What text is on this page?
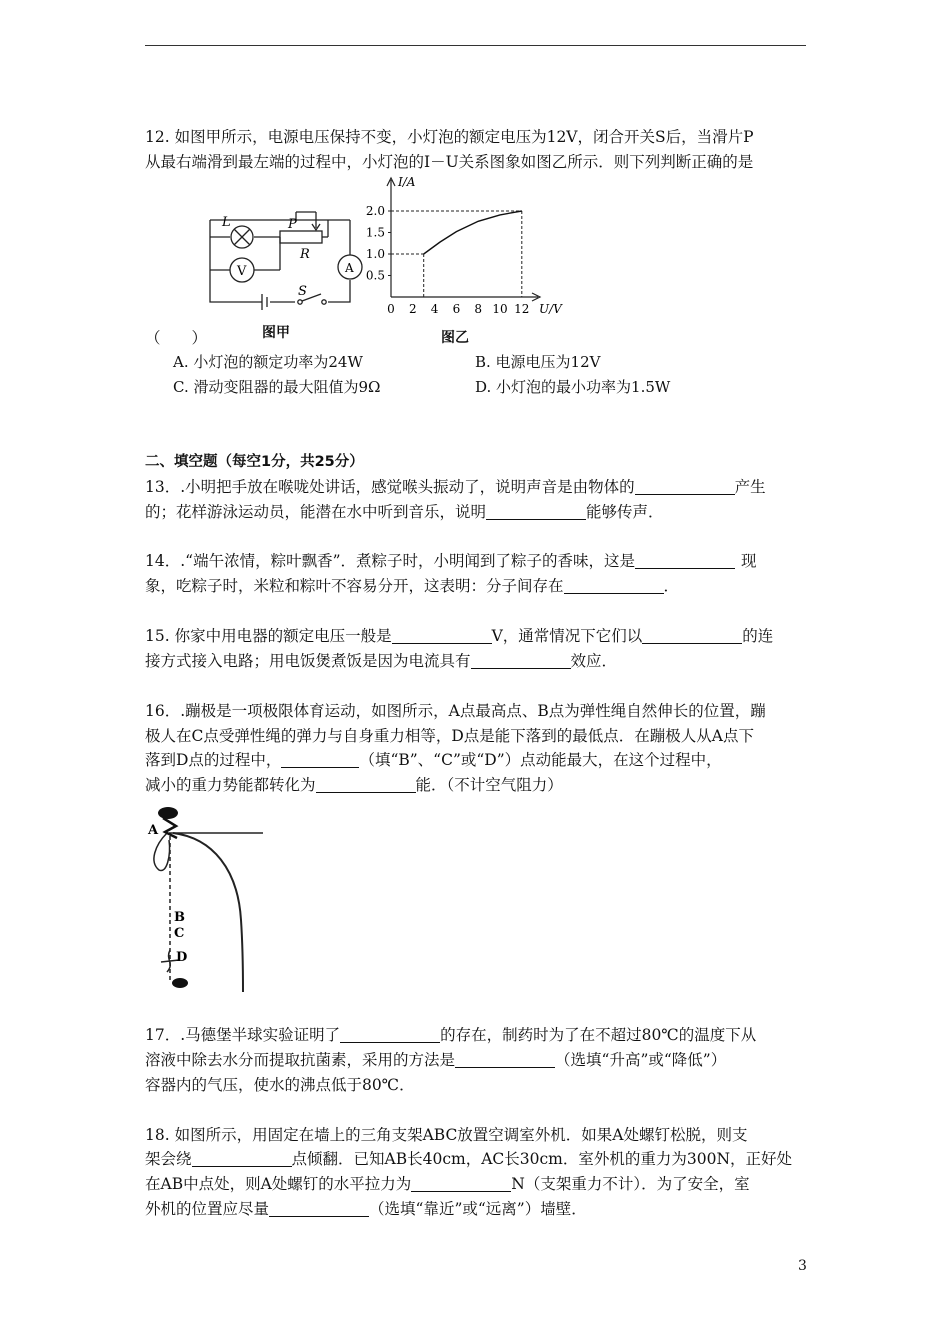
12. 如图甲所示，电源电压保持不变，小灯泡的额定电压为12V，闭合开关S后，当滑片P
从最右端滑到最左端的过程中，小灯泡的I－U关系图象如图乙所示．则下列判断正确的是
L	P
R
S
V	A
图甲
0 2 4 6 8 10 12
0.5
1.0
1.5
2.0
I/A
U/V
图乙
（　　）
A. 小灯泡的额定功率为24W	B. 电源电压为12V
C. 滑动变阻器的最大阻值为9Ω	D. 小灯泡的最小功率为1.5W
二、填空题（每空1分，共25分）
13．.小明把手放在喉咙处讲话，感觉喉头振动了，说明声音是由物体的	产生
的；花样游泳运动员，能潜在水中听到音乐，说明	能够传声．
14．.“端午浓情，粽叶飘香”．煮粽子时，小明闻到了粽子的香味，这是	现
象，吃粽子时，米粒和粽叶不容易分开，这表明：分子间存在	．
15. 你家中用电器的额定电压一般是	V，通常情况下它们以	的连
接方式接入电路；用电饭煲煮饭是因为电流具有	效应．
16．.蹦极是一项极限体育运动，如图所示，A点最高点、B点为弹性绳自然伸长的位置，蹦
极人在C点受弹性绳的弹力与自身重力相等，D点是能下落到的最低点．在蹦极人从A点下
落到D点的过程中，	（填“B”、“C”或“D”）点动能最大，在这个过程中，
减小的重力势能都转化为	能．（不计空气阻力）
A
B
C
D
17．.马德堡半球实验证明了	的存在，制药时为了在不超过80℃的温度下从
溶液中除去水分而提取抗菌素，采用的方法是	（选填“升高”或“降低”）
容器内的气压，使水的沸点低于80℃．
18. 如图所示，用固定在墙上的三角支架ABC放置空调室外机．如果A处螺钉松脱，则支
架会绕	点倾翻．已知AB长40cm，AC长30cm．室外机的重力为300N，正好处
在AB中点处，则A处螺钉的水平拉力为	N（支架重力不计）．为了安全，室
外机的位置应尽量	（选填“靠近”或“远离”）墙壁．
3
